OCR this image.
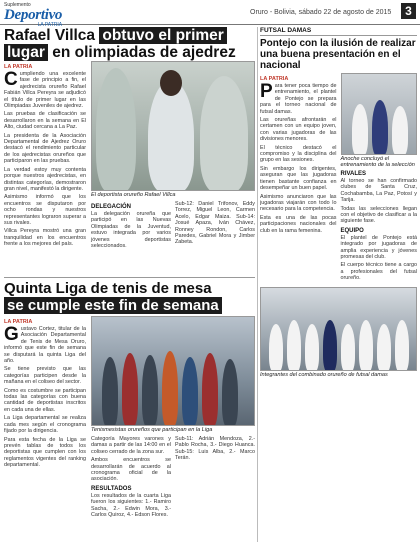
Suplemento
Deportivo
LA PATRIA
Oruro - Bolivia, sábado 22 de agosto de 2015	3
Rafael Villca obtuvo el primer
lugar en olimpiadas de ajedrez
LA PATRIA

Cumpliendo una excelente fase de principio a fin, el ajedrecista orureño Rafael Fabián Villca Pereyra se adjudicó el título de primer lugar en las Olimpiadas Juveniles de ajedrez.

Las pruebas de clasificación se desarrollaron en la semana en El Alto, ciudad cercana a La Paz.

La presidenta de la Asociación Departamental de Ajedrez Oruro destacó el rendimiento particular de los ajedrecistas orureños que participaron en las pruebas.

La verdad estoy muy contenta porque nuestros ajedrecistas, en distintas categorías, demostraron gran nivel, manifestó la dirigente.

Asimismo informó que los encuentros se disputaron por ocho rondas y nuestros representantes lograron superar a sus rivales.

Villca Pereyra mostró una gran tranquilidad en los encuentros frente a los mejores del país.

El deportista orureño Rafael Villca
DELEGACIÓN

La delegación orureña que participó en las Nuevas Olimpiadas de la Juventud, estuvo integrada por varios jóvenes deportistas seleccionados.

Sub-12: Daniel Trifonov, Eddy Torrez, Miguel Leon, Carmen Acelo, Edgar Maiza. Sub-14: Josué Apaza, Iván Chávez, Ronney Rondon, Carlos Paredes, Gabriel Mora y Jimber Zabeta.

Quinta Liga de tenis de mesa
se cumple este fin de semana
LA PATRIA

Gustavo Cortez, titular de la Asociación Departamental de Tenis de Mesa Oruro, informó que este fin de semana se disputará la quinta Liga del año.

Se tiene previsto que las categorías participen desde la mañana en el coliseo del sector.

Como es costumbre se participan todas las categorías con buena cantidad de deportistas inscritos en cada una de ellas.

La Liga departamental se realiza cada mes según el cronograma fijado por la dirigencia.

Para esta fecha de la Liga se prevén tablas de todos los deportistas que cumplen con los reglamentos vigentes del ranking departamental.

Tenismesistas orureños que participan en la Liga

Categoría Mayores varones y damas a partir de las 14:00 en el coliseo cerrado de la zona sur.

Ambos encuentros se desarrollarán de acuerdo al cronograma oficial de la asociación.

RESULTADOS

Los resultados de la cuarta Liga fueron los siguientes: 1.- Ramiro Sacha, 2.- Edwin Mora, 3.- Carlos Quiroz, 4.- Edson Flores.

Sub-11: Adrián Mendoza, 2.- Pablo Rocha, 3.- Diego Huanca. Sub-15: Luis Alba, 2.- Marco Terán.

FUTSAL DAMAS
Pontejo con la ilusión de realizar una buena presentación en el nacional
LA PATRIA

Para tener poca tiempo de entrenamiento, el plantel de Pontejo se prepara para el torneo nacional de futsal damas.

Las orureñas afrontarán el certamen con un equipo joven, con varias jugadoras de las divisiones menores.

El técnico destacó el compromiso y la disciplina del grupo en las sesiones.

Sin embargo los dirigentes, aseguran que las jugadoras tienen bastante confianza en desempeñar un buen papel.

Asimismo anunciaron que las jugadoras viajarán con todo lo necesario para la competencia.

Esta es una de las pocas participaciones nacionales del club en la rama femenina.

Anoche concluyó el entrenamiento de la selección
RIVALES

Al torneo se han confirmado clubes de Santa Cruz, Cochabamba, La Paz, Potosí y Tarija.

Todas las selecciones llegan con el objetivo de clasificar a la siguiente fase.

EQUIPO

El plantel de Pontejo está integrado por jugadoras de amplia experiencia y jóvenes promesas del club.

El cuerpo técnico tiene a cargo a profesionales del futsal orureño.

Integrantes del combinado orureño de futsal damas
